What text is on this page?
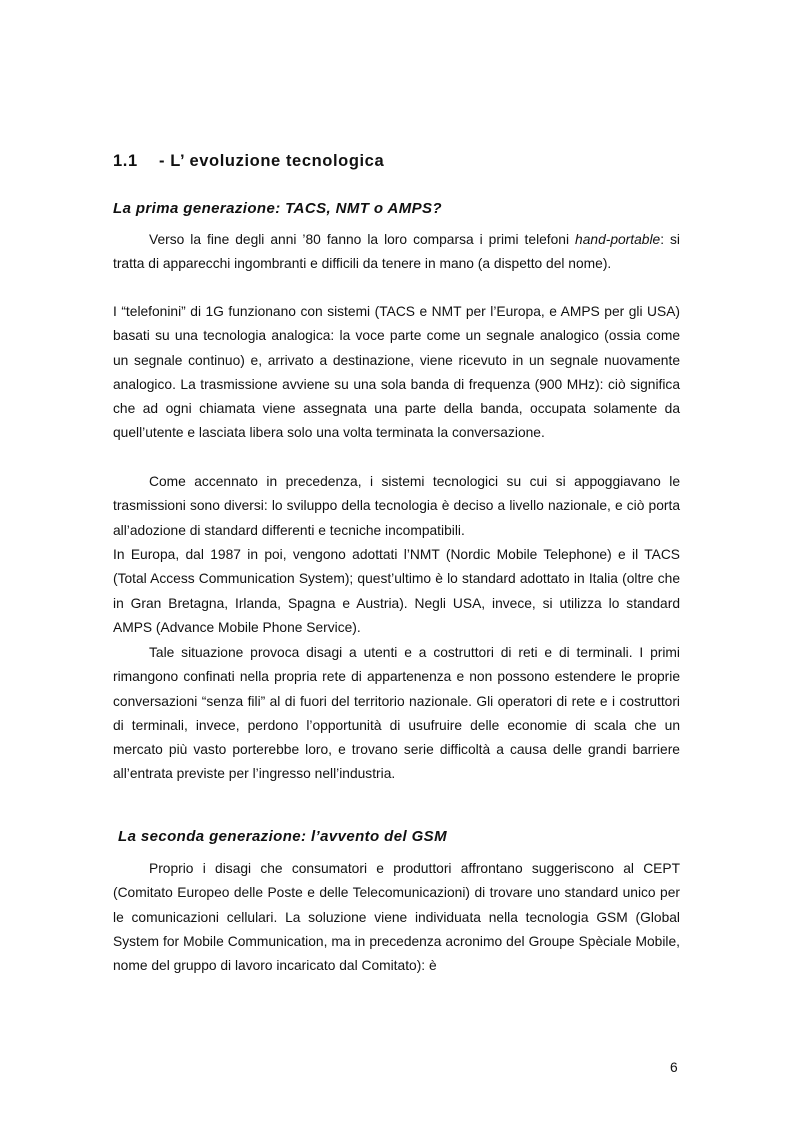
1.1 - L’ evoluzione tecnologica
La prima generazione: TACS, NMT o AMPS?

Verso la fine degli anni ’80 fanno la loro comparsa i primi telefoni hand-portable: si tratta di apparecchi ingombranti e difficili da tenere in mano (a dispetto del nome).

I “telefonini” di 1G funzionano con sistemi (TACS e NMT per l’Europa, e AMPS per gli USA) basati su una tecnologia analogica: la voce parte come un segnale analogico (ossia come un segnale continuo) e, arrivato a destinazione, viene ricevuto in un segnale nuovamente analogico. La trasmissione avviene su una sola banda di frequenza (900 MHz): ciò significa che ad ogni chiamata viene assegnata una parte della banda, occupata solamente da quell’utente e lasciata libera solo una volta terminata la conversazione.

Come accennato in precedenza, i sistemi tecnologici su cui si appoggiavano le trasmissioni sono diversi: lo sviluppo della tecnologia è deciso a livello nazionale, e ciò porta all’adozione di standard differenti e tecniche incompatibili.

In Europa, dal 1987 in poi, vengono adottati l’NMT (Nordic Mobile Telephone) e il TACS (Total Access Communication System); quest’ultimo è lo standard adottato in Italia (oltre che in Gran Bretagna, Irlanda, Spagna e Austria). Negli USA, invece, si utilizza lo standard AMPS (Advance Mobile Phone Service).

Tale situazione provoca disagi a utenti e a costruttori di reti e di terminali. I primi rimangono confinati nella propria rete di appartenenza e non possono estendere le proprie conversazioni “senza fili” al di fuori del territorio nazionale. Gli operatori di rete e i costruttori di terminali, invece, perdono l’opportunità di usufruire delle economie di scala che un mercato più vasto porterebbe loro, e trovano serie difficoltà a causa delle grandi barriere all’entrata previste per l’ingresso nell’industria.

La seconda generazione: l’avvento del GSM

Proprio i disagi che consumatori e produttori affrontano suggeriscono al CEPT (Comitato Europeo delle Poste e delle Telecomunicazioni) di trovare uno standard unico per le comunicazioni cellulari. La soluzione viene individuata nella tecnologia GSM (Global System for Mobile Communication, ma in precedenza acronimo del Groupe Spèciale Mobile, nome del gruppo di lavoro incaricato dal Comitato): è

6
